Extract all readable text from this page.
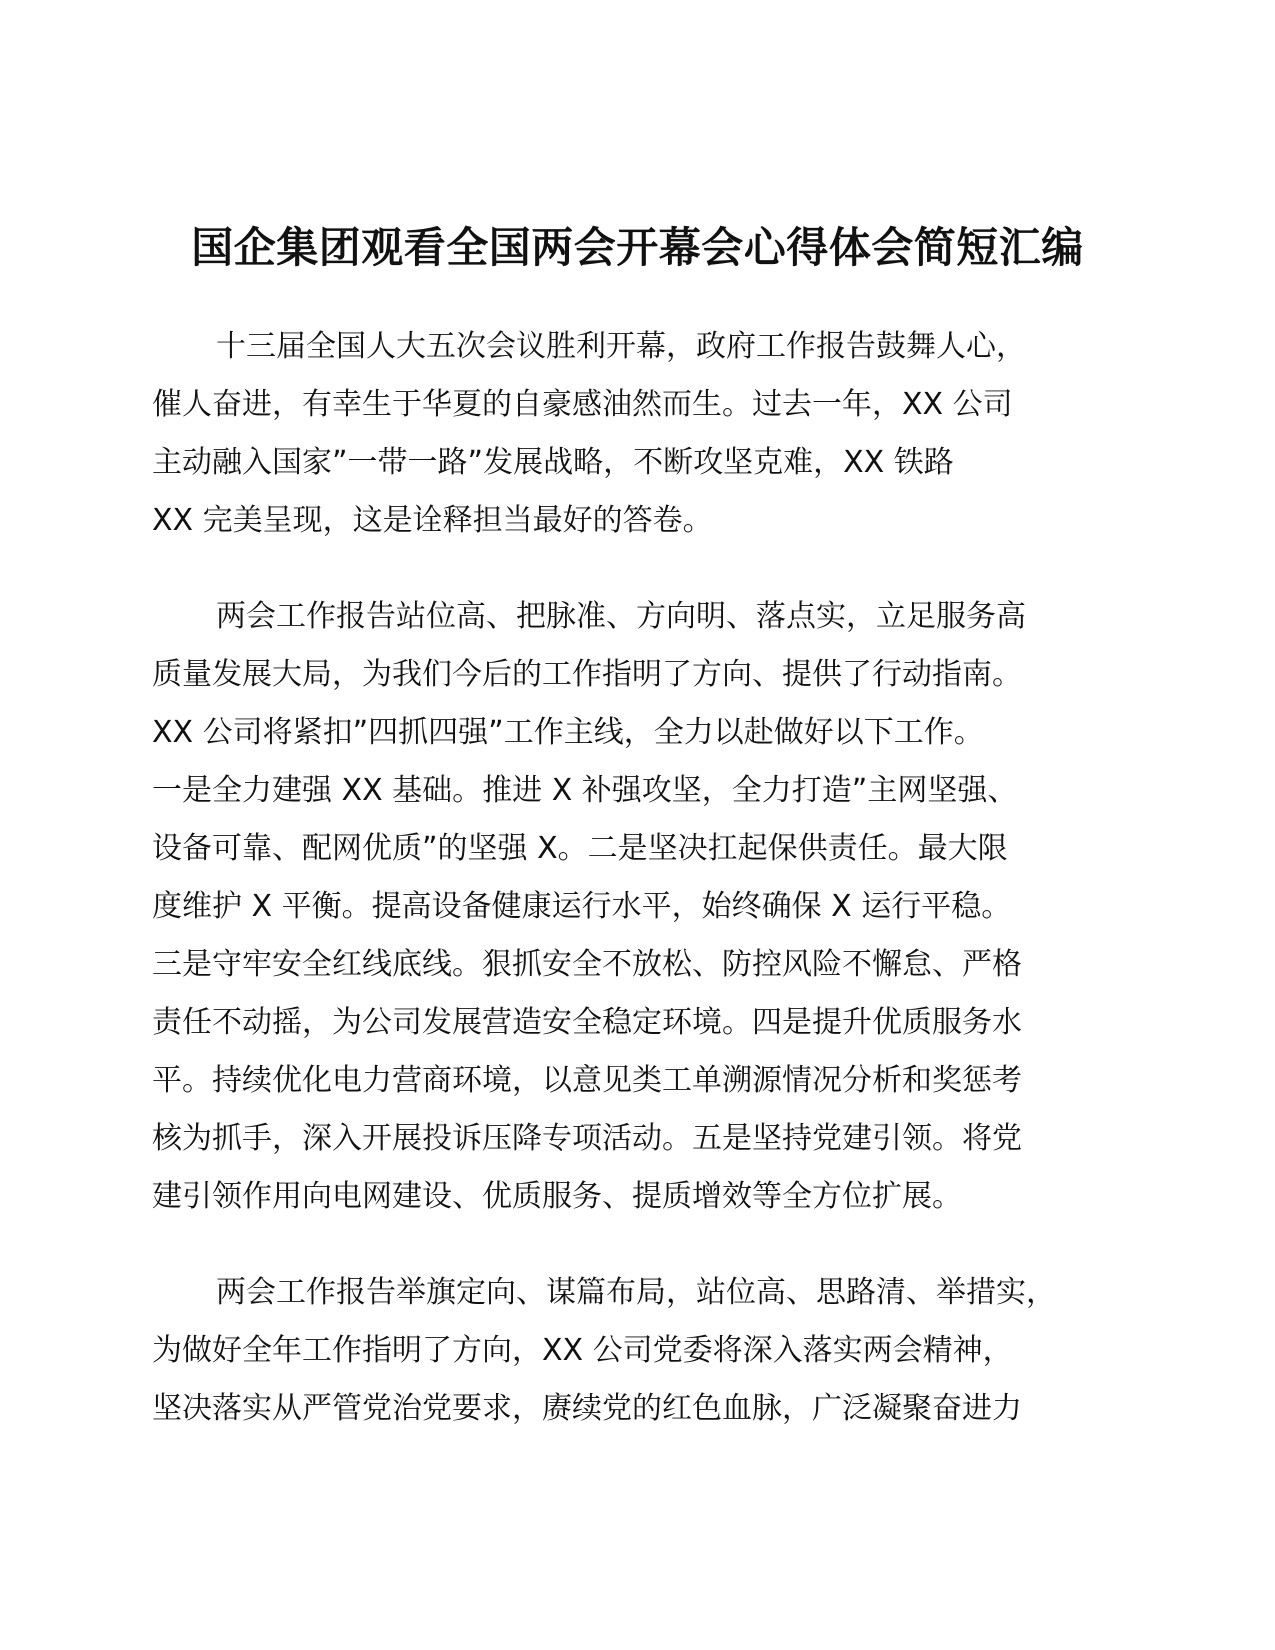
国企集团观看全国两会开幕会心得体会简短汇编

十三届全国人大五次会议胜利开幕，政府工作报告鼓舞人心，
催人奋进，有幸生于华夏的自豪感油然而生。过去一年，XX 公司
主动融入国家”一带一路”发展战略，不断攻坚克难，XX 铁路
XX 完美呈现，这是诠释担当最好的答卷。

两会工作报告站位高、把脉准、方向明、落点实，立足服务高
质量发展大局，为我们今后的工作指明了方向、提供了行动指南。
XX 公司将紧扣”四抓四强”工作主线，全力以赴做好以下工作。
一是全力建强 XX 基础。推进 X 补强攻坚，全力打造”主网坚强、
设备可靠、配网优质”的坚强 X。二是坚决扛起保供责任。最大限
度维护 X 平衡。提高设备健康运行水平，始终确保 X 运行平稳。
三是守牢安全红线底线。狠抓安全不放松、防控风险不懈怠、严格
责任不动摇，为公司发展营造安全稳定环境。四是提升优质服务水
平。持续优化电力营商环境，以意见类工单溯源情况分析和奖惩考
核为抓手，深入开展投诉压降专项活动。五是坚持党建引领。将党
建引领作用向电网建设、优质服务、提质增效等全方位扩展。

两会工作报告举旗定向、谋篇布局，站位高、思路清、举措实，
为做好全年工作指明了方向，XX 公司党委将深入落实两会精神，
坚决落实从严管党治党要求，赓续党的红色血脉，广泛凝聚奋进力
